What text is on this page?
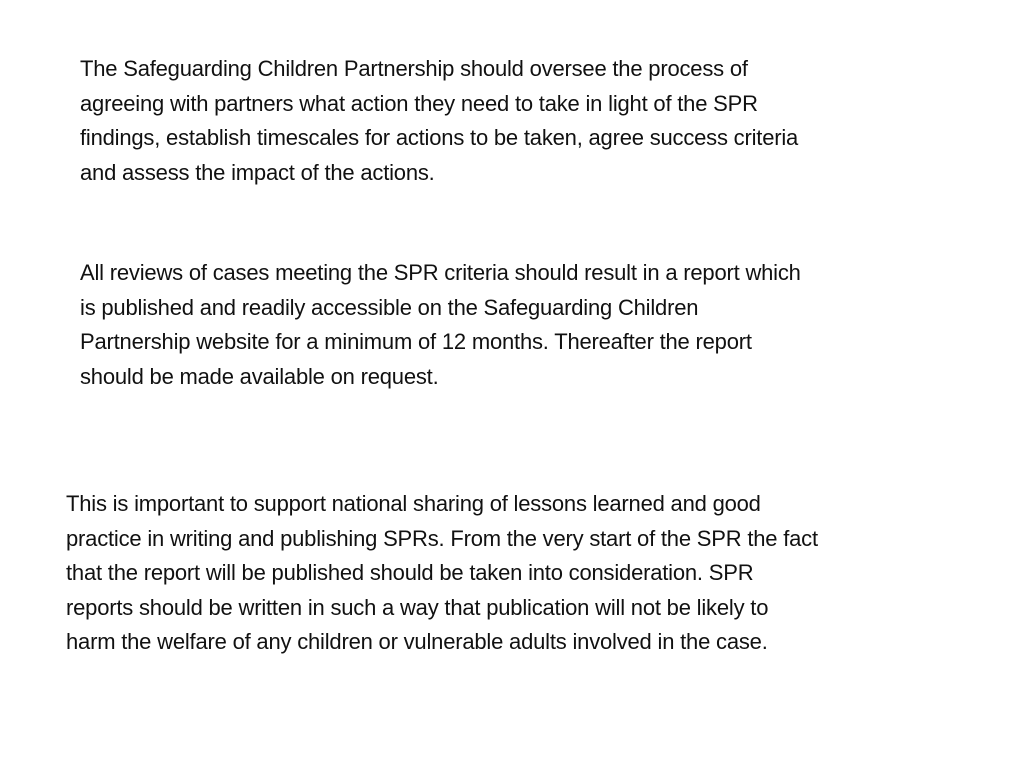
The Safeguarding Children Partnership should oversee the process of
agreeing with partners what action they need to take in light of the SPR
findings, establish timescales for actions to be taken, agree success criteria
and assess the impact of the actions.

All reviews of cases meeting the SPR criteria should result in a report which
is published and readily accessible on the Safeguarding Children
Partnership website for a minimum of 12 months. Thereafter the report
should be made available on request.

This is important to support national sharing of lessons learned and good
practice in writing and publishing SPRs. From the very start of the SPR the fact
that the report will be published should be taken into consideration. SPR
reports should be written in such a way that publication will not be likely to
harm the welfare of any children or vulnerable adults involved in the case.
